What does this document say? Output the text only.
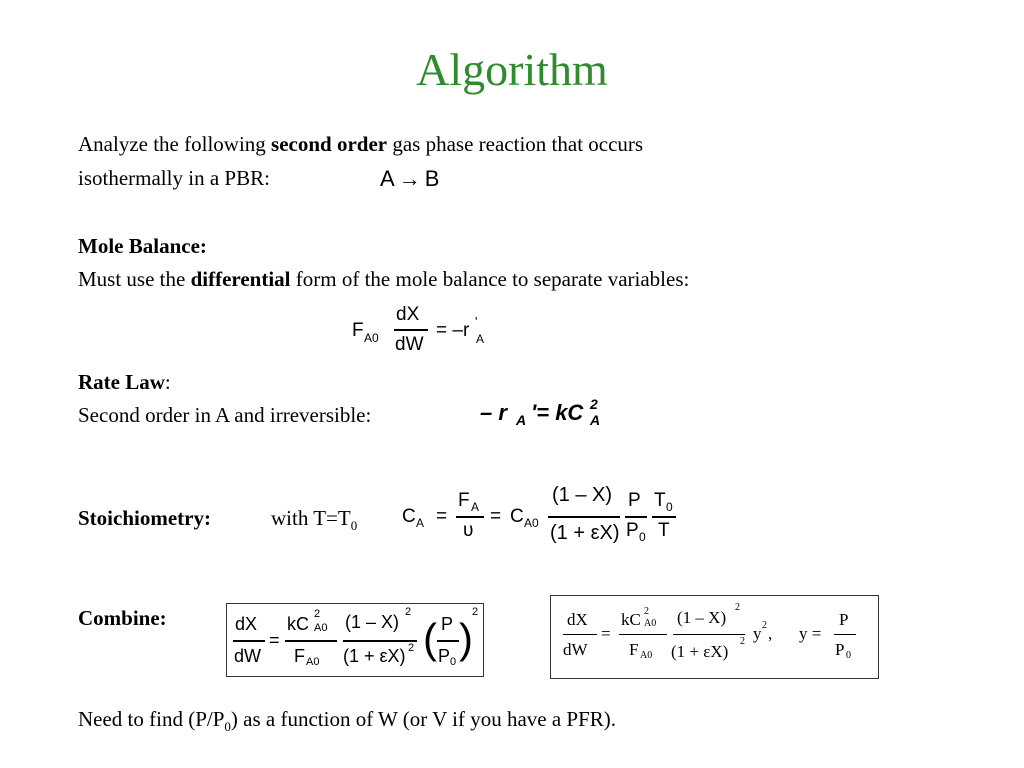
Algorithm
Analyze the following second order gas phase reaction that occurs
isothermally in a PBR:	A → B
Mole Balance:
Must use the differential form of the mole balance to separate variables:
F A0
dX
dW
= –r '
A
Rate Law:
Second order in A and irreversible:	– r A '= kC 2
A
Stoichiometry:	with $T=T_0$ C A =
F A
υ
= C A0
(1 – X)
(1 + εX)
P
P 0
T 0
T
Combine:	dX
dW
=
kC 2
A0
F A0
(1 – X) 2
(1 + εX) 2 ( P
P 0 )
2	dX
dW
=
kC 2
A0
F A0
(1 – X)
2
(1 + εX)
2 y 2 , y =
P
P 0
Need to find $(P/P_0)$ as a function of W (or V if you have a PFR).
